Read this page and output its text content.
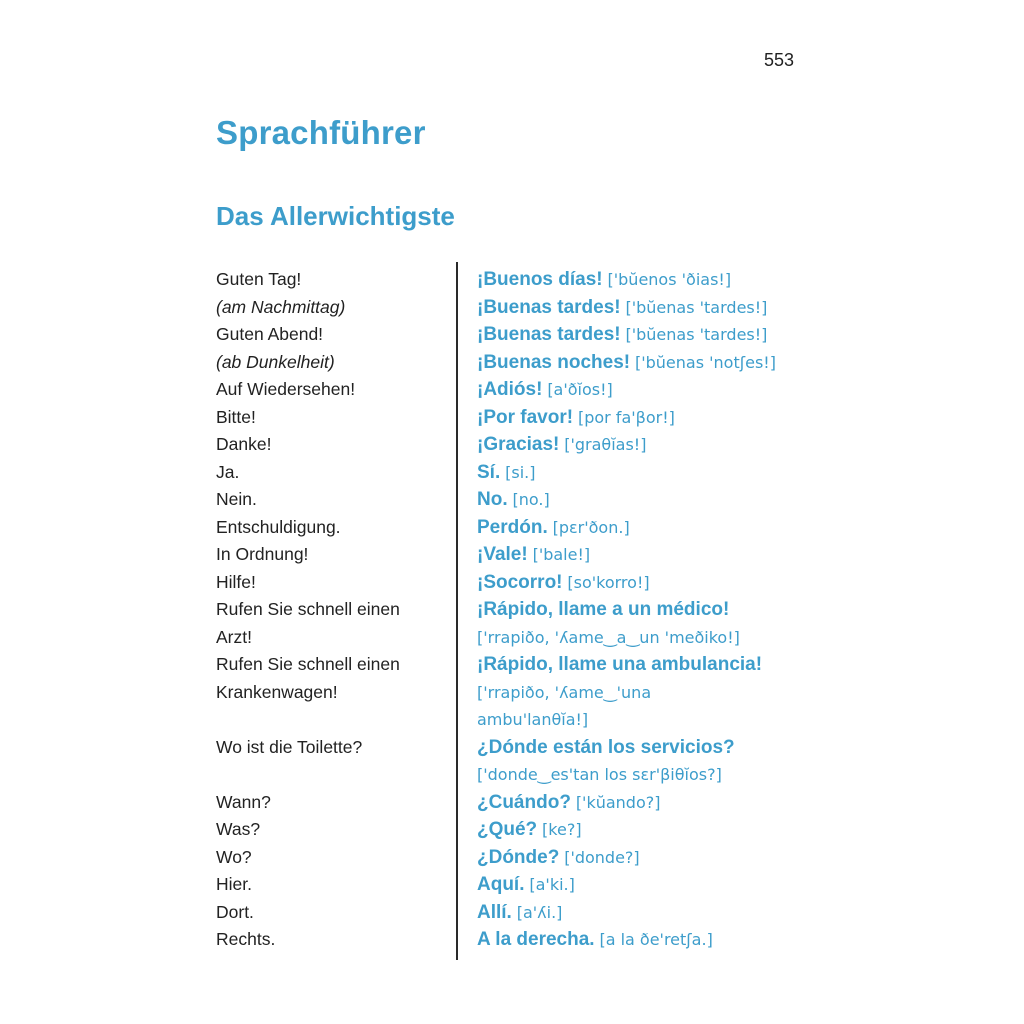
553
Sprachführer
Das Allerwichtigste
Guten Tag!
(am Nachmittag)
Guten Abend!
(ab Dunkelheit)
Auf Wiedersehen!
Bitte!
Danke!
Ja.
Nein.
Entschuldigung.
In Ordnung!
Hilfe!
Rufen Sie schnell einen
Arzt!
Rufen Sie schnell einen
Krankenwagen!
Wo ist die Toilette?
Wann?
Was?
Wo?
Hier.
Dort.
Rechts.
¡Buenos días! ['bŭenos 'ðias!]
¡Buenas tardes! ['bŭenas 'tardes!]
¡Buenas tardes! ['bŭenas 'tardes!]
¡Buenas noches! ['bŭenas 'notʃes!]
¡Adiós! [a'ðĭos!]
¡Por favor! [por fa'βor!]
¡Gracias! ['graθĭas!]
Sí. [si.]
No. [no.]
Perdón. [pɛr'ðon.]
¡Vale! ['bale!]
¡Socorro! [so'korro!]
¡Rápido, llame a un médico!
['rrapiðo, 'ʎame‿a‿un 'meðiko!]
¡Rápido, llame una ambulancia!
['rrapiðo, 'ʎame‿'una
ambu'lanθĭa!]
¿Dónde están los servicios?
['donde‿es'tan los sɛr'βiθĭos?]
¿Cuándo? ['kŭando?]
¿Qué? [ke?]
¿Dónde? ['donde?]
Aquí. [a'ki.]
Allí. [a'ʎi.]
A la derecha. [a la ðe'retʃa.]
